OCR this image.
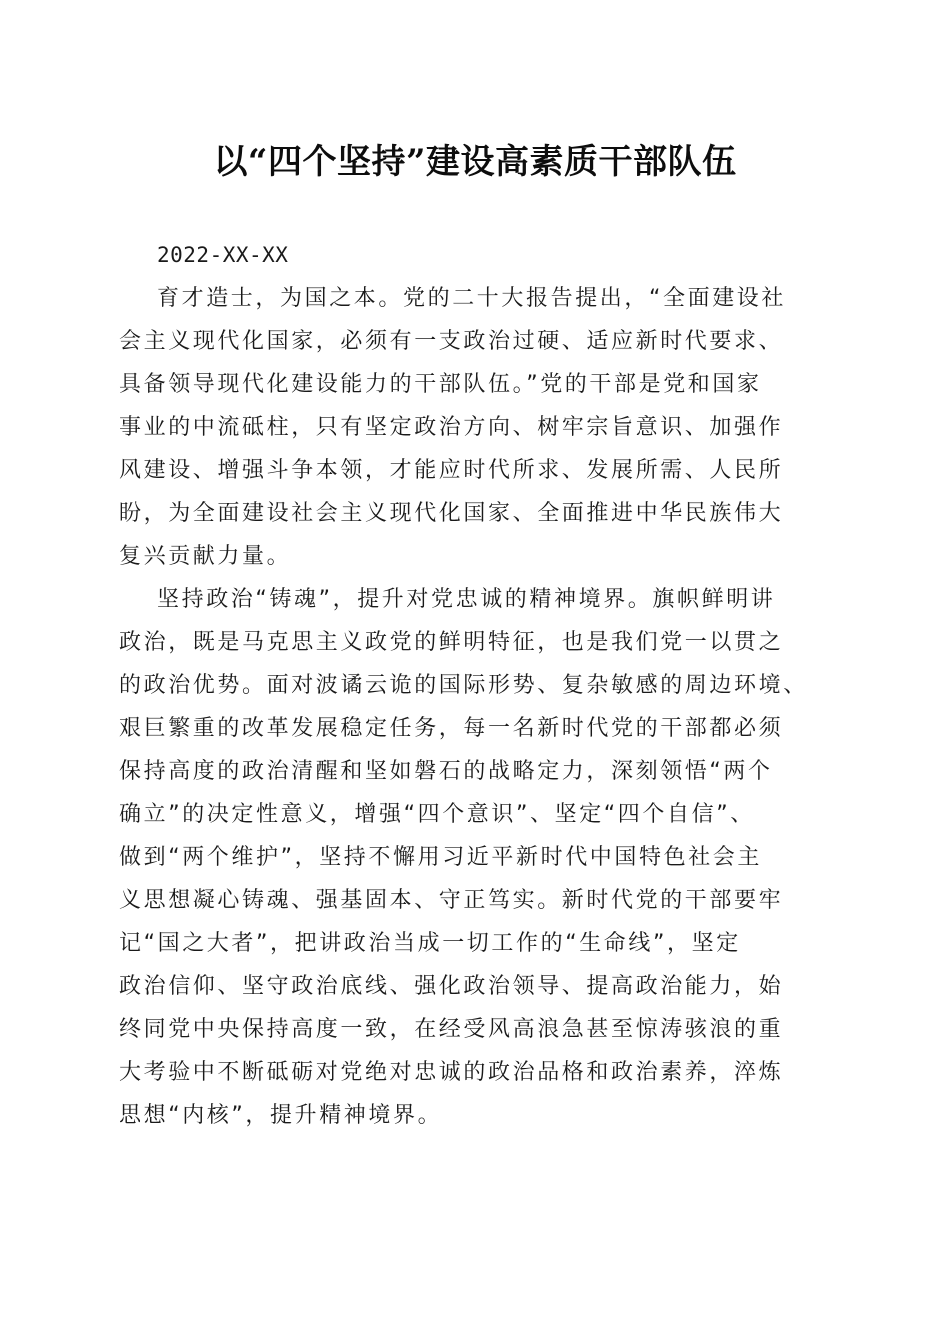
以“四个坚持”建设高素质干部队伍
2022-XX-XX
育才造士，为国之本。党的二十大报告提出，“全面建设社
会主义现代化国家，必须有一支政治过硬、适应新时代要求、
具备领导现代化建设能力的干部队伍。”党的干部是党和国家
事业的中流砥柱，只有坚定政治方向、树牢宗旨意识、加强作
风建设、增强斗争本领，才能应时代所求、发展所需、人民所
盼，为全面建设社会主义现代化国家、全面推进中华民族伟大
复兴贡献力量。
坚持政治“铸魂”，提升对党忠诚的精神境界。旗帜鲜明讲
政治，既是马克思主义政党的鲜明特征，也是我们党一以贯之
的政治优势。面对波谲云诡的国际形势、复杂敏感的周边环境、
艰巨繁重的改革发展稳定任务，每一名新时代党的干部都必须
保持高度的政治清醒和坚如磐石的战略定力，深刻领悟“两个
确立”的决定性意义，增强“四个意识”、坚定“四个自信”、
做到“两个维护”，坚持不懈用习近平新时代中国特色社会主
义思想凝心铸魂、强基固本、守正笃实。新时代党的干部要牢
记“国之大者”，把讲政治当成一切工作的“生命线”，坚定
政治信仰、坚守政治底线、强化政治领导、提高政治能力，始
终同党中央保持高度一致，在经受风高浪急甚至惊涛骇浪的重
大考验中不断砥砺对党绝对忠诚的政治品格和政治素养，淬炼
思想“内核”，提升精神境界。
